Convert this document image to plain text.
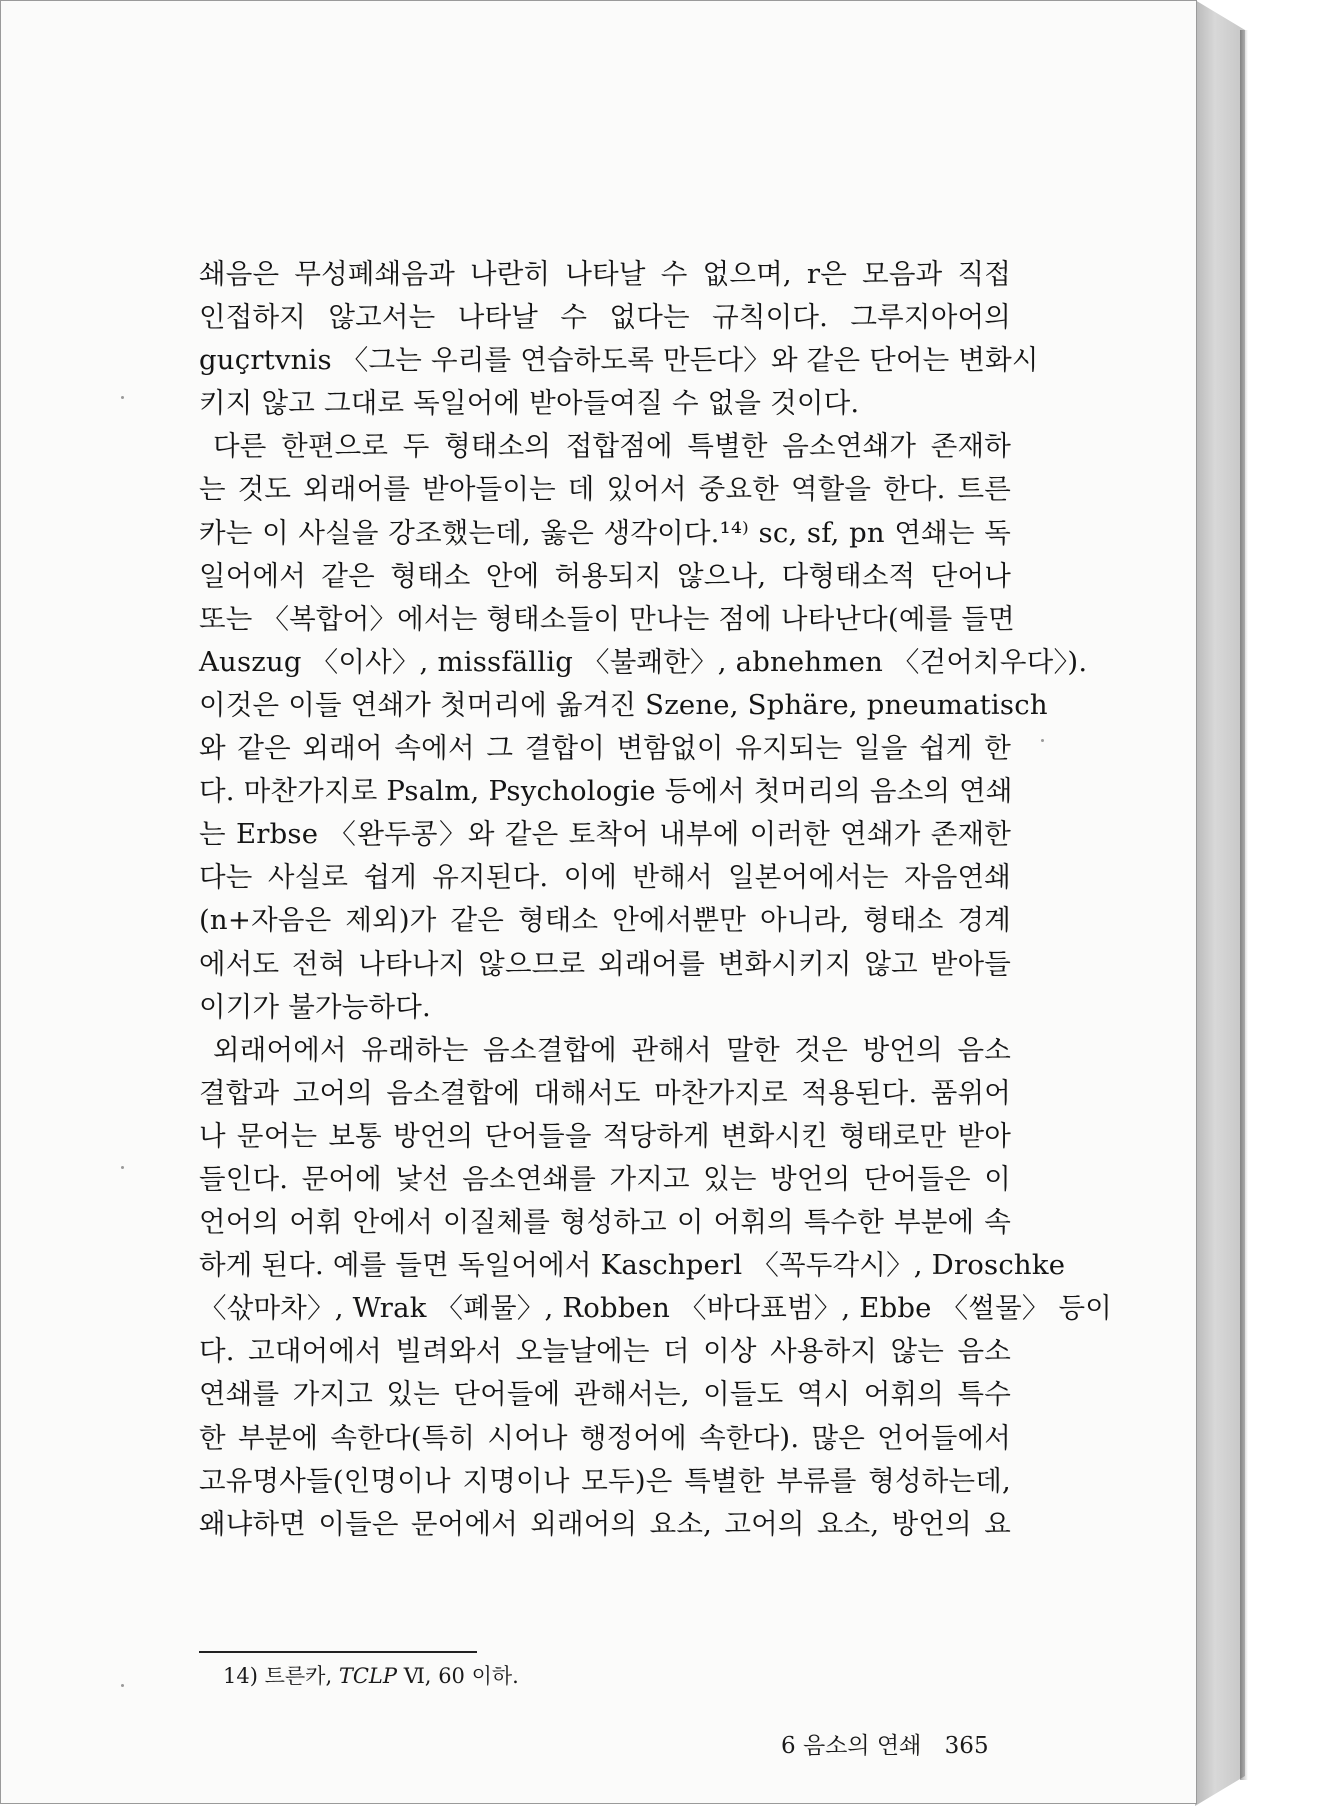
쇄음은 무성폐쇄음과 나란히 나타날 수 없으며, r은 모음과 직접
인접하지 않고서는 나타날 수 없다는 규칙이다. 그루지아어의
guçrtvnis 〈그는 우리를 연습하도록 만든다〉와 같은 단어는 변화시
키지 않고 그대로 독일어에 받아들여질 수 없을 것이다.
다른 한편으로 두 형태소의 접합점에 특별한 음소연쇄가 존재하
는 것도 외래어를 받아들이는 데 있어서 중요한 역할을 한다. 트른
카는 이 사실을 강조했는데, 옳은 생각이다.¹⁴⁾ sc, sf, pn 연쇄는 독
일어에서 같은 형태소 안에 허용되지 않으나, 다형태소적 단어나
또는 〈복합어〉에서는 형태소들이 만나는 점에 나타난다(예를 들면
Auszug 〈이사〉, missfällig 〈불쾌한〉, abnehmen 〈걷어치우다〉).
이것은 이들 연쇄가 첫머리에 옮겨진 Szene, Sphäre, pneumatisch
와 같은 외래어 속에서 그 결합이 변함없이 유지되는 일을 쉽게 한
다. 마찬가지로 Psalm, Psychologie 등에서 첫머리의 음소의 연쇄
는 Erbse 〈완두콩〉와 같은 토착어 내부에 이러한 연쇄가 존재한
다는 사실로 쉽게 유지된다. 이에 반해서 일본어에서는 자음연쇄
(n+자음은 제외)가 같은 형태소 안에서뿐만 아니라, 형태소 경계
에서도 전혀 나타나지 않으므로 외래어를 변화시키지 않고 받아들
이기가 불가능하다.
외래어에서 유래하는 음소결합에 관해서 말한 것은 방언의 음소
결합과 고어의 음소결합에 대해서도 마찬가지로 적용된다. 품위어
나 문어는 보통 방언의 단어들을 적당하게 변화시킨 형태로만 받아
들인다. 문어에 낯선 음소연쇄를 가지고 있는 방언의 단어들은 이
언어의 어휘 안에서 이질체를 형성하고 이 어휘의 특수한 부분에 속
하게 된다. 예를 들면 독일어에서 Kaschperl 〈꼭두각시〉, Droschke
〈삯마차〉, Wrak 〈폐물〉, Robben 〈바다표범〉, Ebbe 〈썰물〉 등이
다. 고대어에서 빌려와서 오늘날에는 더 이상 사용하지 않는 음소
연쇄를 가지고 있는 단어들에 관해서는, 이들도 역시 어휘의 특수
한 부분에 속한다(특히 시어나 행정어에 속한다). 많은 언어들에서
고유명사들(인명이나 지명이나 모두)은 특별한 부류를 형성하는데,
왜냐하면 이들은 문어에서 외래어의 요소, 고어의 요소, 방언의 요
14) 트른카, TCLP Ⅵ, 60 이하.
6 음소의 연쇄 365
